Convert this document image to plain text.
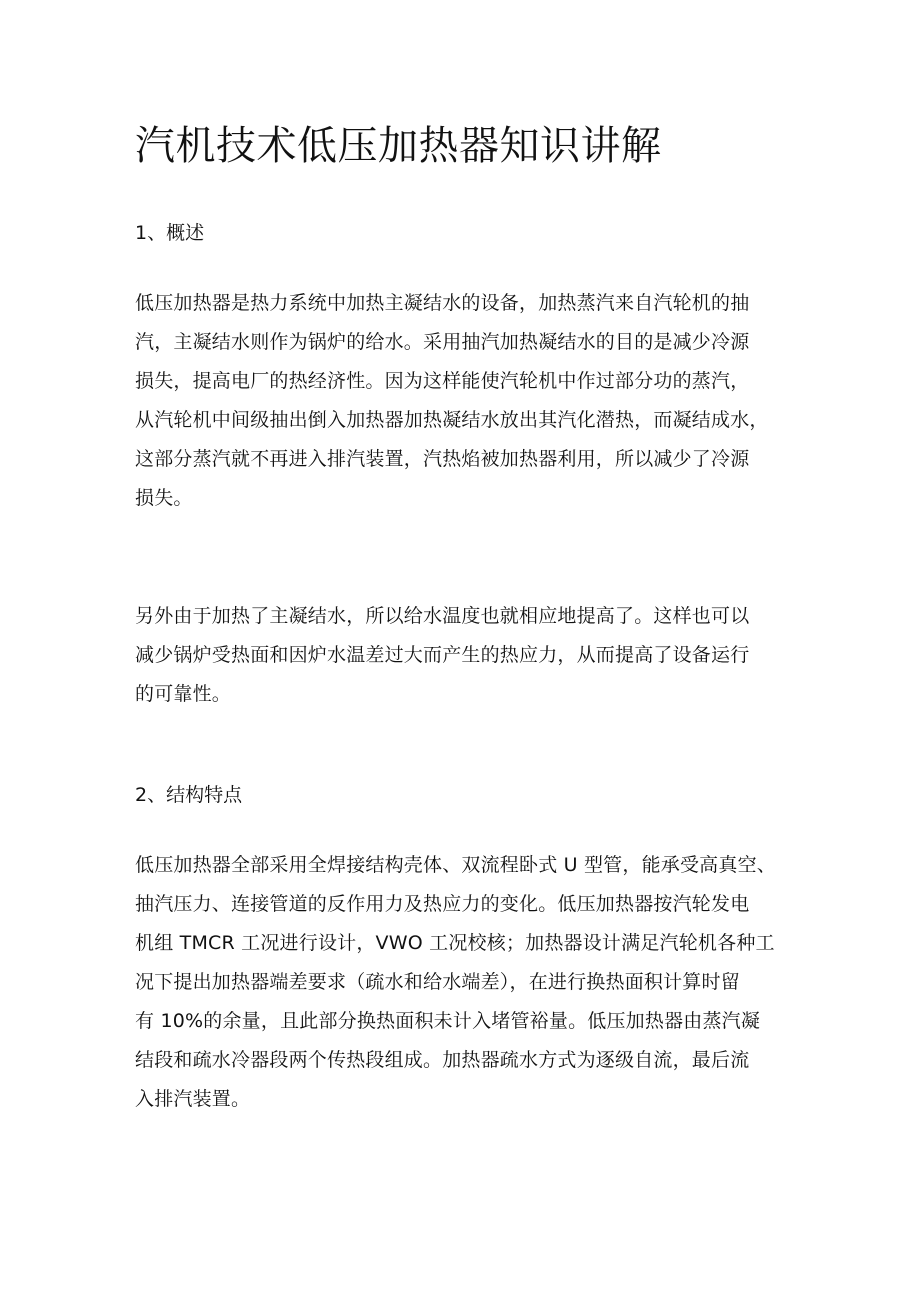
汽机技术低压加热器知识讲解
1、概述

低压加热器是热力系统中加热主凝结水的设备，加热蒸汽来自汽轮机的抽
汽，主凝结水则作为锅炉的给水。采用抽汽加热凝结水的目的是减少冷源
损失，提高电厂的热经济性。因为这样能使汽轮机中作过部分功的蒸汽，
从汽轮机中间级抽出倒入加热器加热凝结水放出其汽化潜热，而凝结成水，
这部分蒸汽就不再进入排汽装置，汽热焰被加热器利用，所以减少了冷源
损失。

另外由于加热了主凝结水，所以给水温度也就相应地提高了。这样也可以
减少锅炉受热面和因炉水温差过大而产生的热应力，从而提高了设备运行
的可靠性。

2、结构特点

低压加热器全部采用全焊接结构壳体、双流程卧式 U 型管，能承受高真空、
抽汽压力、连接管道的反作用力及热应力的变化。低压加热器按汽轮发电
机组 TMCR 工况进行设计，VWO 工况校核；加热器设计满足汽轮机各种工
况下提出加热器端差要求（疏水和给水端差），在进行换热面积计算时留
有 10%的余量，且此部分换热面积未计入堵管裕量。低压加热器由蒸汽凝
结段和疏水冷器段两个传热段组成。加热器疏水方式为逐级自流，最后流
入排汽装置。
